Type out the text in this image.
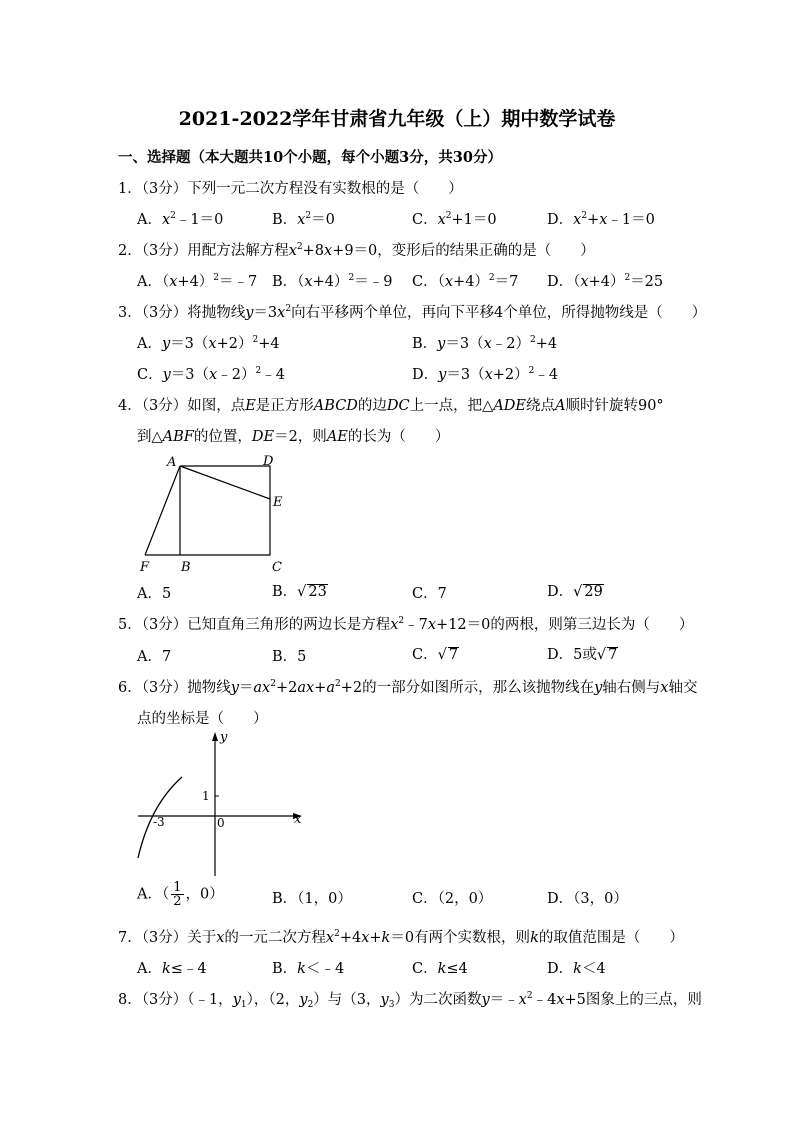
2021-2022学年甘肃省九年级（上）期中数学试卷
一、选择题（本大题共10个小题，每个小题3分，共30分）
1．（3分）下列一元二次方程没有实数根的是（　　）
A．$x^2﹣1=0$	B．$x^2=0$	C．$x^2+1=0$	D．$x^2+x﹣1=0$
2．（3分）用配方法解方程$x^2+8x+9=0$，变形后的结果正确的是（　　）
A．$(x+4)^2=﹣7$ B．$(x+4)^2=﹣9$ C．$(x+4)^2=7$ D．$(x+4)^2=25$
3．（3分）将抛物线$y=3x^2$向右平移两个单位，再向下平移4个单位，所得抛物线是（　　）
A．$y=3(x+2)^2+4$	B．y＝3（x﹣2）$^2$+4
C．y＝3（x﹣2）$^2$﹣4	D．$y=3(x+2)^2﹣4$
4．（3分）如图，点E是正方形ABCD的边DC上一点，把△ADE绕点A顺时针旋转90°
到△ABF的位置，DE＝2，则AE的长为（　　）
A	D
E
F B	C
A．5	B．√ 23	C．7	D．√ 29
5．（3分）已知直角三角形的两边长是方程$x^2﹣7x+12=0$的两根，则第三边长为（　　）
A．7	B．5	C．√ 7	D．5或√ 7
6．（3分）抛物线$y=ax^2+2ax+a^2+2$的一部分如图所示，那么该抛物线在y轴右侧与x轴交
点的坐标是（　　）
x
y
1
-3	0
A．（ $\frac{1}{2}$ ，0）	B．（1，0）	C．（2，0）	D．（3，0）
7．（3分）关于x的一元二次方程$x^2+4x+k=0$有两个实数根，则k的取值范围是（　　）
A．k≤﹣4	B．k＜﹣4	C．k≤4	D．k＜4
8．（3分）（﹣1，$y_1$），（2，$y_2$）与（3，$y_3$）为二次函数$y=﹣x^2﹣4x+5$图象上的三点，则
